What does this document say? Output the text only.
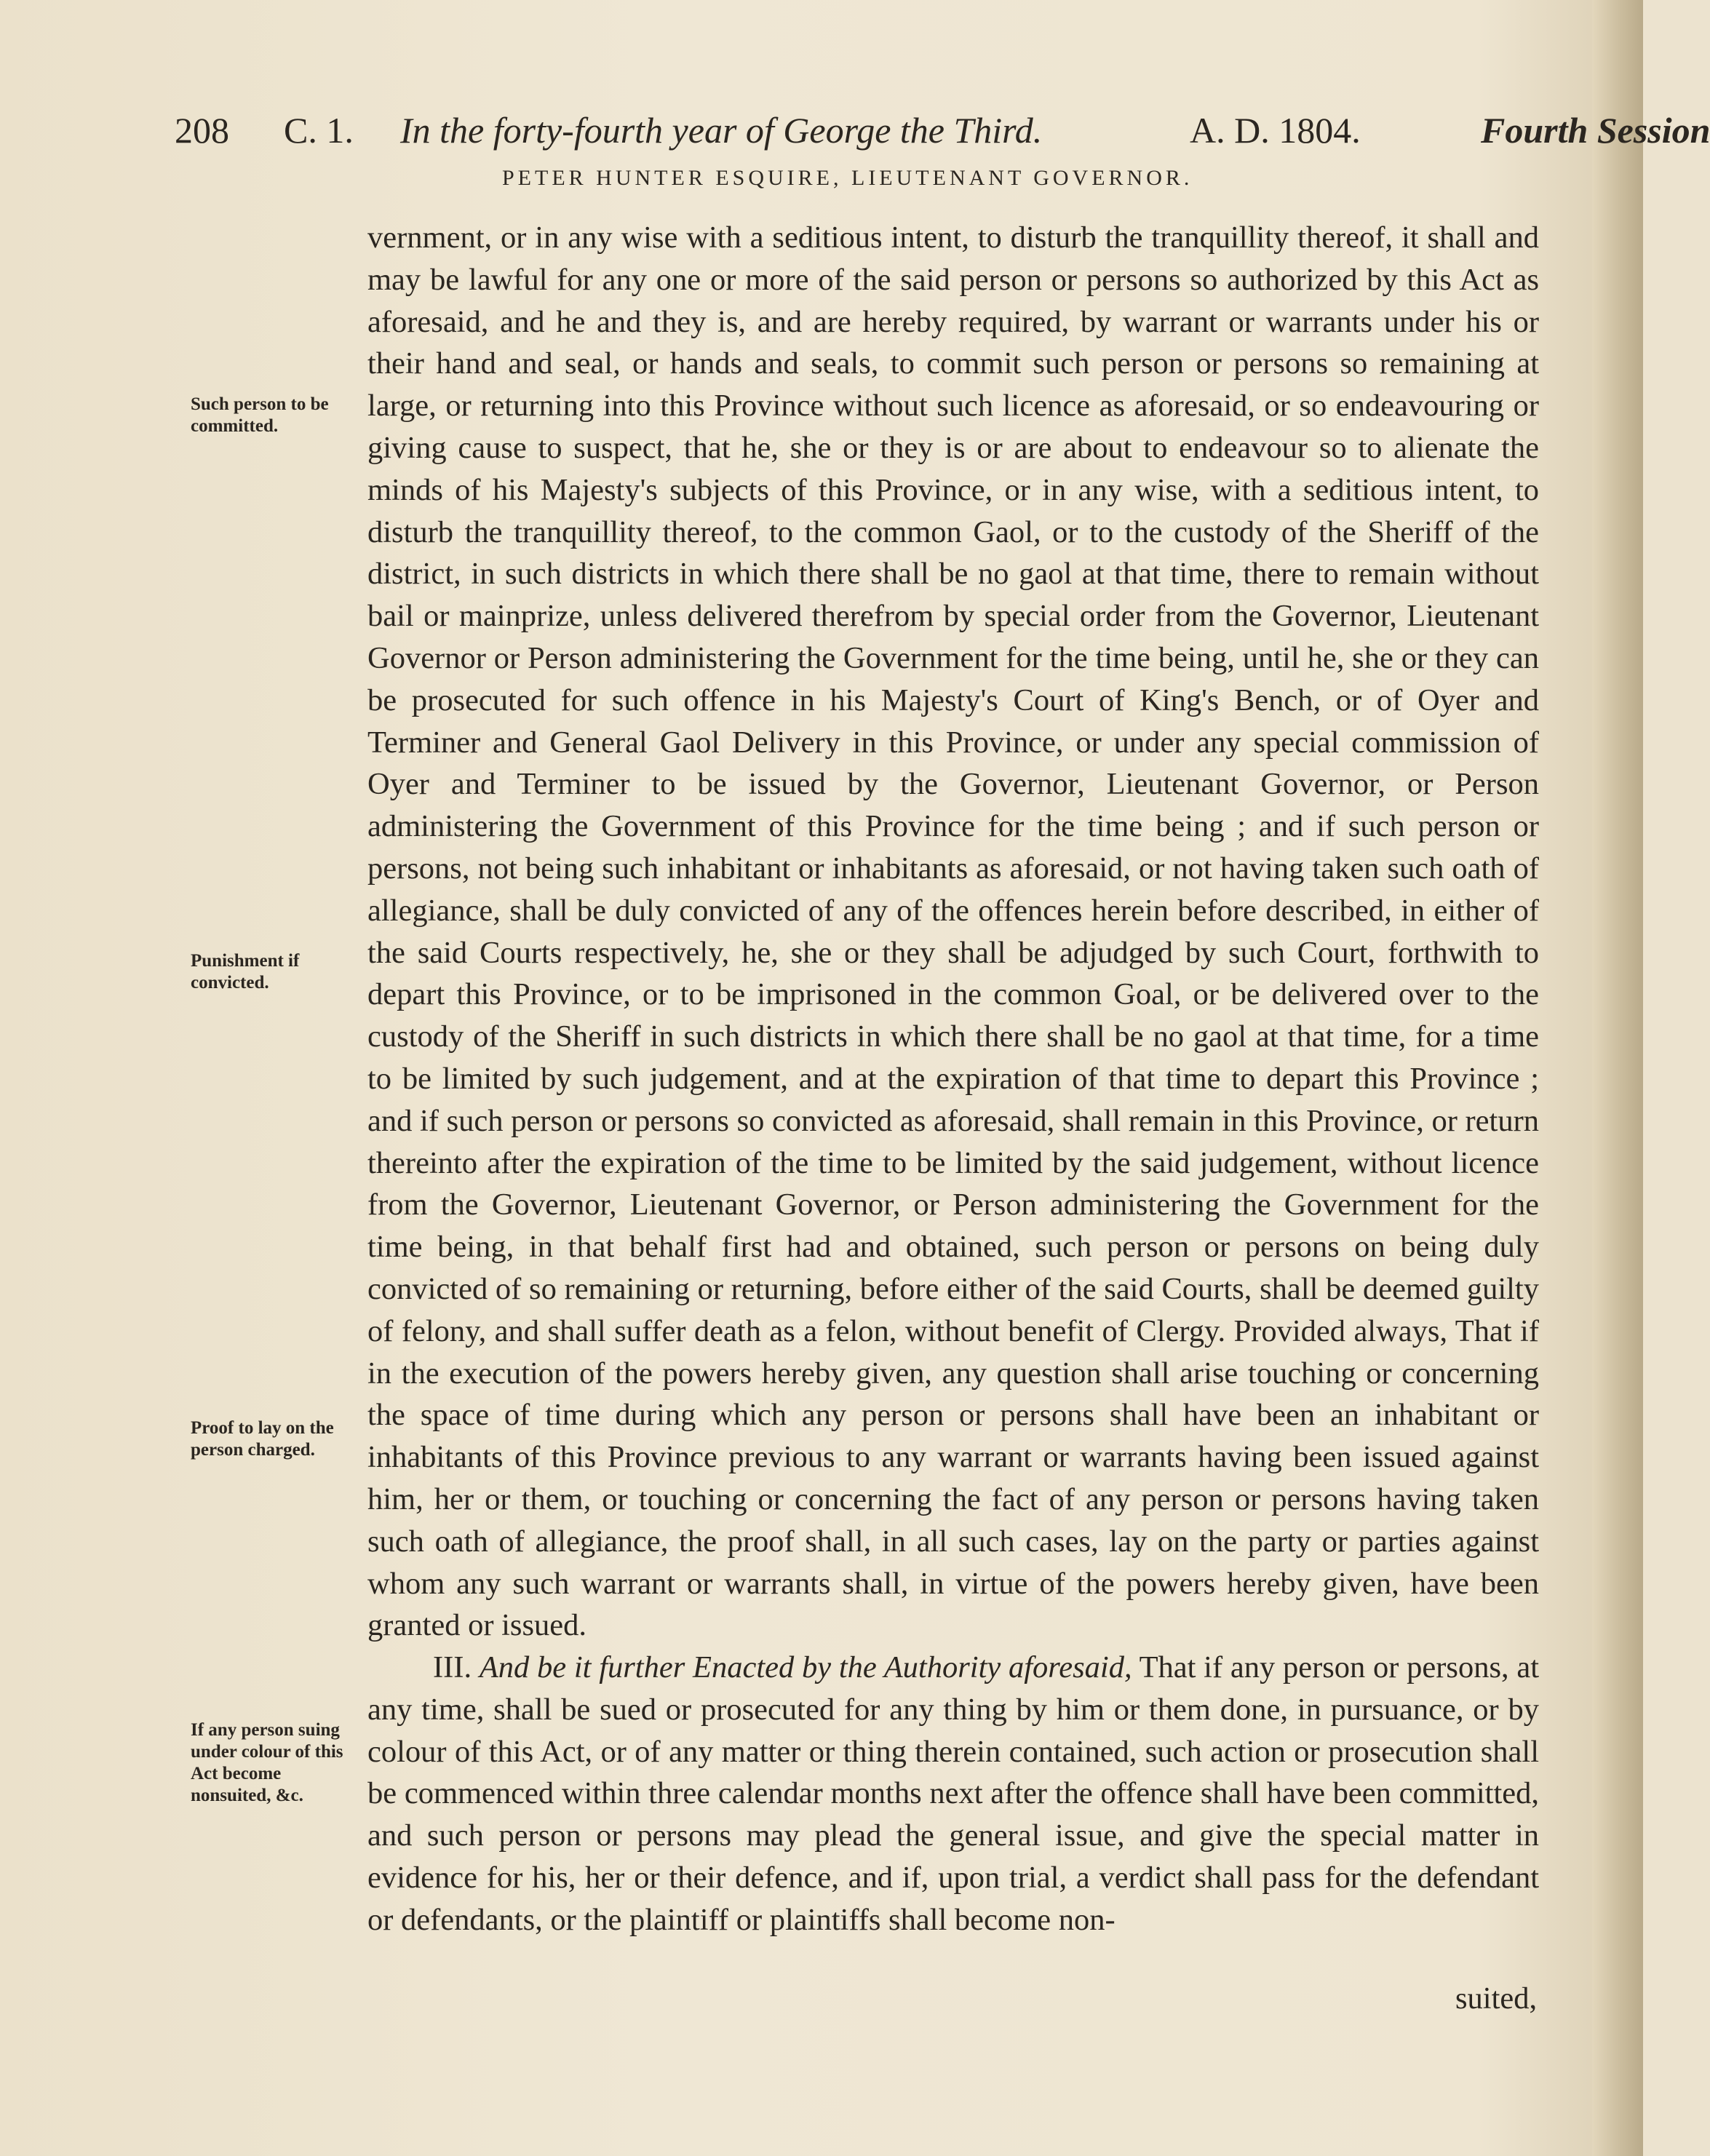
208 C. 1. In the forty-fourth year of George the Third.	A. D. 1804.	Fourth Session
PETER HUNTER ESQUIRE, LIEUTENANT GOVERNOR.
Such person to be committed.
Punishment if convicted.
Proof to lay on the person charged.
If any person suing under colour of this Act become nonsuited, &c.

vernment, or in any wise with a seditious intent, to disturb the tranquillity thereof, it shall and may be lawful for any one or more of the said person or persons so authorized by this Act as aforesaid, and he and they is, and are hereby required, by warrant or warrants under his or their hand and seal, or hands and seals, to commit such person or persons so remaining at large, or returning into this Province without such licence as aforesaid, or so endeavouring or giving cause to suspect, that he, she or they is or are about to endeavour so to alienate the minds of his Majesty's subjects of this Province, or in any wise, with a seditious intent, to disturb the tranquillity thereof, to the common Gaol, or to the custody of the Sheriff of the district, in such districts in which there shall be no gaol at that time, there to remain without bail or mainprize, unless delivered therefrom by special order from the Governor, Lieutenant Governor or Person administering the Government for the time being, until he, she or they can be prosecuted for such offence in his Majesty's Court of King's Bench, or of Oyer and Terminer and General Gaol Delivery in this Province, or under any special commission of Oyer and Terminer to be issued by the Governor, Lieutenant Governor, or Person administering the Government of this Province for the time being ; and if such person or persons, not being such inhabitant or inhabitants as aforesaid, or not having taken such oath of allegiance, shall be duly convicted of any of the offences herein before described, in either of the said Courts respectively, he, she or they shall be adjudged by such Court, forthwith to depart this Province, or to be imprisoned in the common Goal, or be delivered over to the custody of the Sheriff in such districts in which there shall be no gaol at that time, for a time to be limited by such judgement, and at the expiration of that time to depart this Province ; and if such person or persons so convicted as aforesaid, shall remain in this Province, or return thereinto after the expiration of the time to be limited by the said judgement, without licence from the Governor, Lieutenant Governor, or Person administering the Government for the time being, in that behalf first had and obtained, such person or persons on being duly convicted of so remaining or returning, before either of the said Courts, shall be deemed guilty of felony, and shall suffer death as a felon, without benefit of Clergy. Provided always, That if in the execution of the powers hereby given, any question shall arise touching or concerning the space of time during which any person or persons shall have been an inhabitant or inhabitants of this Province previous to any warrant or warrants having been issued against him, her or them, or touching or concerning the fact of any person or persons having taken such oath of allegiance, the proof shall, in all such cases, lay on the party or parties against whom any such warrant or warrants shall, in virtue of the powers hereby given, have been granted or issued.

III. And be it further Enacted by the Authority aforesaid, That if any person or persons, at any time, shall be sued or prosecuted for any thing by him or them done, in pursuance, or by colour of this Act, or of any matter or thing therein contained, such action or prosecution shall be commenced within three calendar months next after the offence shall have been committed, and such person or persons may plead the general issue, and give the special matter in evidence for his, her or their defence, and if, upon trial, a verdict shall pass for the defendant or defendants, or the plaintiff or plaintiffs shall become non-

suited,
